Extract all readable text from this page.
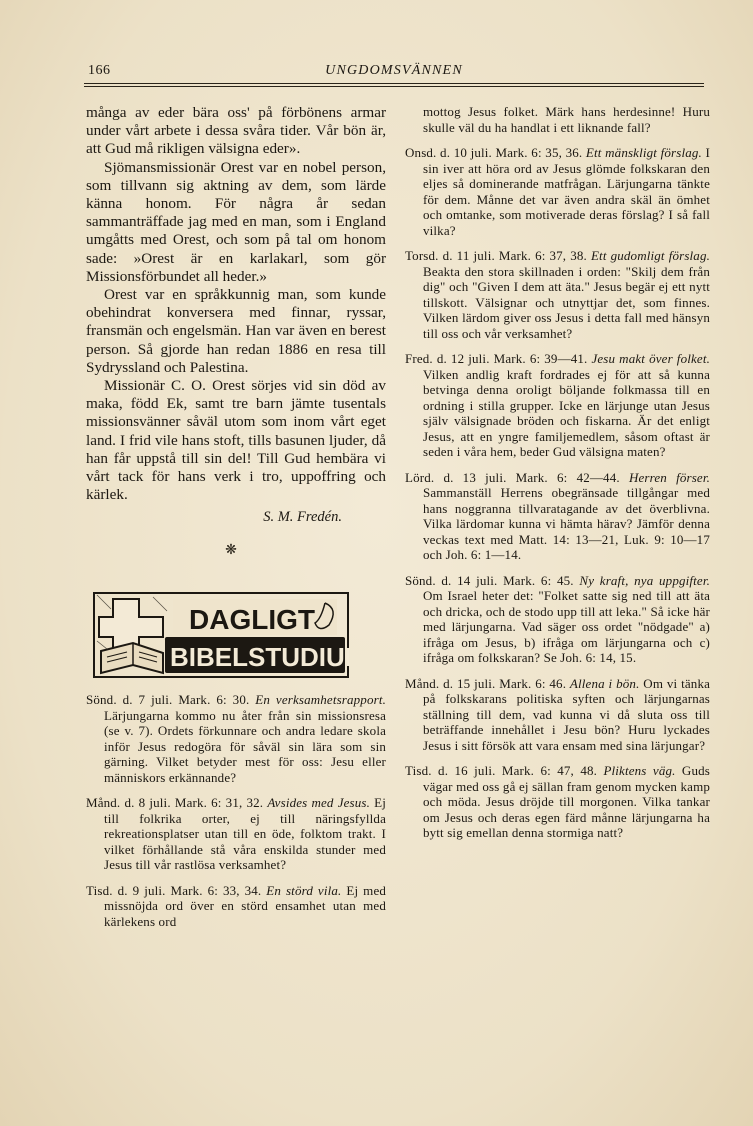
166	UNGDOMSVÄNNEN

många av eder bära oss' på förbönens armar under vårt arbete i dessa svåra tider. Vår bön är, att Gud må rikligen välsigna eder».

Sjömansmissionär Orest var en nobel person, som tillvann sig aktning av dem, som lärde känna honom. För några år sedan sammanträffade jag med en man, som i England umgåtts med Orest, och som på tal om honom sade: »Orest är en karlakarl, som gör Missionsförbundet all heder.»

Orest var en språkkunnig man, som kunde obehindrat konversera med finnar, ryssar, fransmän och engelsmän. Han var även en berest person. Så gjorde han redan 1886 en resa till Sydryssland och Palestina.

Missionär C. O. Orest sörjes vid sin död av maka, född Ek, samt tre barn jämte tusentals missionsvänner såväl utom som inom vårt eget land. I frid vile hans stoft, tills basunen ljuder, då han får uppstå till sin del! Till Gud hembära vi vårt tack för hans verk i tro, uppoffring och kärlek.

S. M. Fredén.

❋
DAGLIGT
BIBELSTUDIUM

Sönd. d. 7 juli. Mark. 6: 30. En verksamhetsrapport. Lärjungarna kommo nu åter från sin missionsresa (se v. 7). Ordets förkunnare och andra ledare skola inför Jesus redogöra för såväl sin lära som sin gärning. Vilket betyder mest för oss: Jesu eller människors erkännande?

Månd. d. 8 juli. Mark. 6: 31, 32. Avsides med Jesus. Ej till folkrika orter, ej till näringsfyllda rekreationsplatser utan till en öde, folktom trakt. I vilket förhållande stå våra enskilda stunder med Jesus till vår rastlösa verksamhet?

Tisd. d. 9 juli. Mark. 6: 33, 34. En störd vila. Ej med missnöjda ord över en störd ensamhet utan med kärlekens ord

mottog Jesus folket. Märk hans herdesinne! Huru skulle väl du ha handlat i ett liknande fall?

Onsd. d. 10 juli. Mark. 6: 35, 36. Ett mänskligt förslag. I sin iver att höra ord av Jesus glömde folkskaran den eljes så dominerande matfrågan. Lärjungarna tänkte för dem. Månne det var även andra skäl än ömhet och omtanke, som motiverade deras förslag? I så fall vilka?

Torsd. d. 11 juli. Mark. 6: 37, 38. Ett gudomligt förslag. Beakta den stora skillnaden i orden: "Skilj dem från dig" och "Given I dem att äta." Jesus begär ej ett nytt tillskott. Välsignar och utnyttjar det, som finnes. Vilken lärdom giver oss Jesus i detta fall med hänsyn till oss och vår verksamhet?

Fred. d. 12 juli. Mark. 6: 39—41. Jesu makt över folket. Vilken andlig kraft fordrades ej för att så kunna betvinga denna oroligt böljande folkmassa till en ordning i stilla grupper. Icke en lärjunge utan Jesus själv välsignade bröden och fiskarna. Är det enligt Jesus, att en yngre familjemedlem, såsom oftast är seden i våra hem, beder Gud välsigna maten?

Lörd. d. 13 juli. Mark. 6: 42—44. Herren förser. Sammanställ Herrens obegränsade tillgångar med hans noggranna tillvaratagande av det överblivna. Vilka lärdomar kunna vi hämta härav? Jämför denna veckas text med Matt. 14: 13—21, Luk. 9: 10—17 och Joh. 6: 1—14.

Sönd. d. 14 juli. Mark. 6: 45. Ny kraft, nya uppgifter. Om Israel heter det: "Folket satte sig ned till att äta och dricka, och de stodo upp till att leka." Så icke här med lärjungarna. Vad säger oss ordet "nödgade" a) ifråga om Jesus, b) ifråga om lärjungarna och c) ifråga om folkskaran? Se Joh. 6: 14, 15.

Månd. d. 15 juli. Mark. 6: 46. Allena i bön. Om vi tänka på folkskarans politiska syften och lärjungarnas ställning till dem, vad kunna vi då sluta oss till beträffande innehållet i Jesu bön? Huru lyckades Jesus i sitt försök att vara ensam med sina lärjungar?

Tisd. d. 16 juli. Mark. 6: 47, 48. Pliktens väg. Guds vägar med oss gå ej sällan fram genom mycken kamp och möda. Jesus dröjde till morgonen. Vilka tankar om Jesus och deras egen färd månne lärjungarna ha bytt sig emellan denna stormiga natt?
